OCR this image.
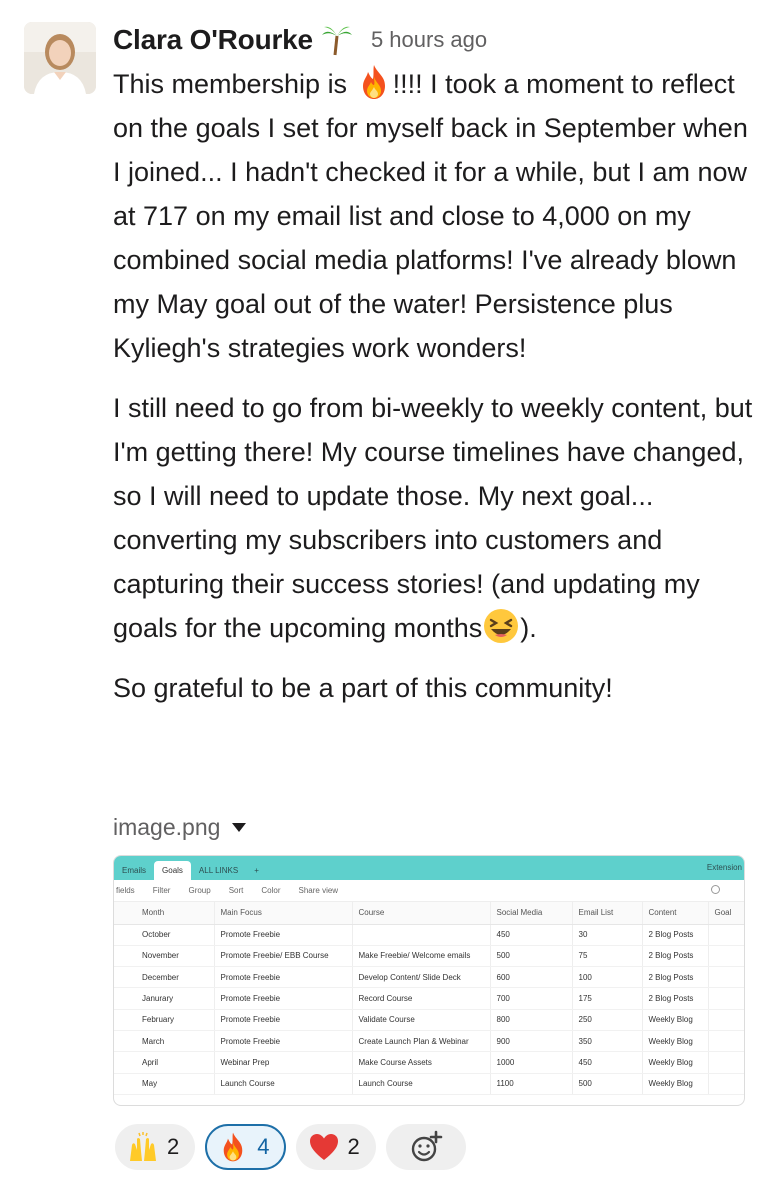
Clara O'Rourke	5 hours ago

This membership is !!!! I took a moment to reflect on the goals I set for myself back in September when I joined... I hadn't checked it for a while, but I am now at 717 on my email list and close to 4,000 on my combined social media platforms! I've already blown my May goal out of the water! Persistence plus Kyliegh's strategies work wonders!

I still need to go from bi-weekly to weekly content, but I'm getting there! My course timelines have changed, so I will need to update those. My next goal... converting my subscribers into customers and capturing their success stories! (and updating my goals for the upcoming months ).

So grateful to be a part of this community!

image.png
Emails	Goals	ALL LINKS	+	Extension
fields Filter Group Sort Color Share view
Month	Main Focus	Course	Social Media	Email List	Content	Goal
October	Promote Freebie		450	30	2 Blog Posts	
November	Promote Freebie/ EBB Course	Make Freebie/ Welcome emails	500	75	2 Blog Posts	
December	Promote Freebie	Develop Content/ Slide Deck	600	100	2 Blog Posts	
Janurary	Promote Freebie	Record Course	700	175	2 Blog Posts	
February	Promote Freebie	Validate Course	800	250	Weekly Blog	
March	Promote Freebie	Create Launch Plan & Webinar	900	350	Weekly Blog	
April	Webinar Prep	Make Course Assets	1000	450	Weekly Blog	
May	Launch Course	Launch Course	1100	500	Weekly Blog	
2	4	2
